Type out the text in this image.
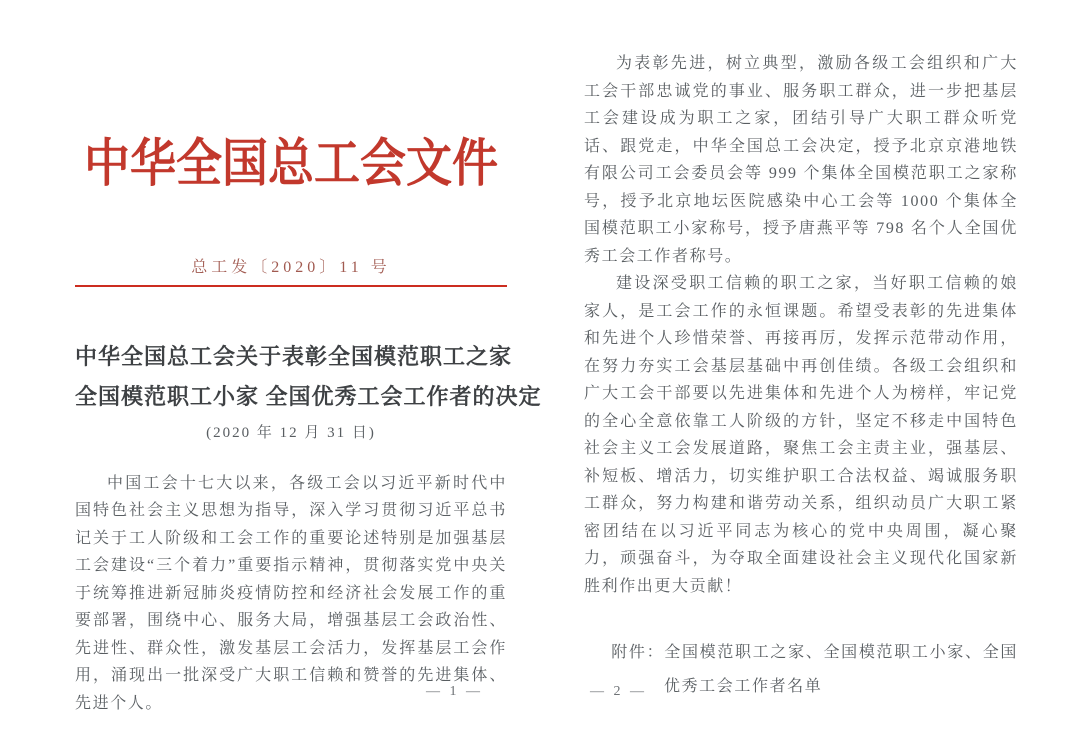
中华全国总工会文件
总工发〔2020〕11 号
中华全国总工会关于表彰全国模范职工之家
全国模范职工小家 全国优秀工会工作者的决定
(2020 年 12 月 31 日)

中国工会十七大以来，各级工会以习近平新时代中国特色社会主义思想为指导，深入学习贯彻习近平总书记关于工人阶级和工会工作的重要论述特别是加强基层工会建设“三个着力”重要指示精神，贯彻落实党中央关于统筹推进新冠肺炎疫情防控和经济社会发展工作的重要部署，围绕中心、服务大局，增强基层工会政治性、先进性、群众性，激发基层工会活力，发挥基层工会作用，涌现出一批深受广大职工信赖和赞誉的先进集体、先进个人。

— 1 —

为表彰先进，树立典型，激励各级工会组织和广大工会干部忠诚党的事业、服务职工群众，进一步把基层工会建设成为职工之家，团结引导广大职工群众听党话、跟党走，中华全国总工会决定，授予北京京港地铁有限公司工会委员会等 999 个集体全国模范职工之家称号，授予北京地坛医院感染中心工会等 1000 个集体全国模范职工小家称号，授予唐燕平等 798 名个人全国优秀工会工作者称号。

建设深受职工信赖的职工之家，当好职工信赖的娘家人，是工会工作的永恒课题。希望受表彰的先进集体和先进个人珍惜荣誉、再接再厉，发挥示范带动作用，在努力夯实工会基层基础中再创佳绩。各级工会组织和广大工会干部要以先进集体和先进个人为榜样，牢记党的全心全意依靠工人阶级的方针，坚定不移走中国特色社会主义工会发展道路，聚焦工会主责主业，强基层、补短板、增活力，切实维护职工合法权益、竭诚服务职工群众，努力构建和谐劳动关系，组织动员广大职工紧密团结在以习近平同志为核心的党中央周围，凝心聚力，顽强奋斗，为夺取全面建设社会主义现代化国家新胜利作出更大贡献！

附件：全国模范职工之家、全国模范职工小家、全国优秀工会工作者名单
— 2 —
